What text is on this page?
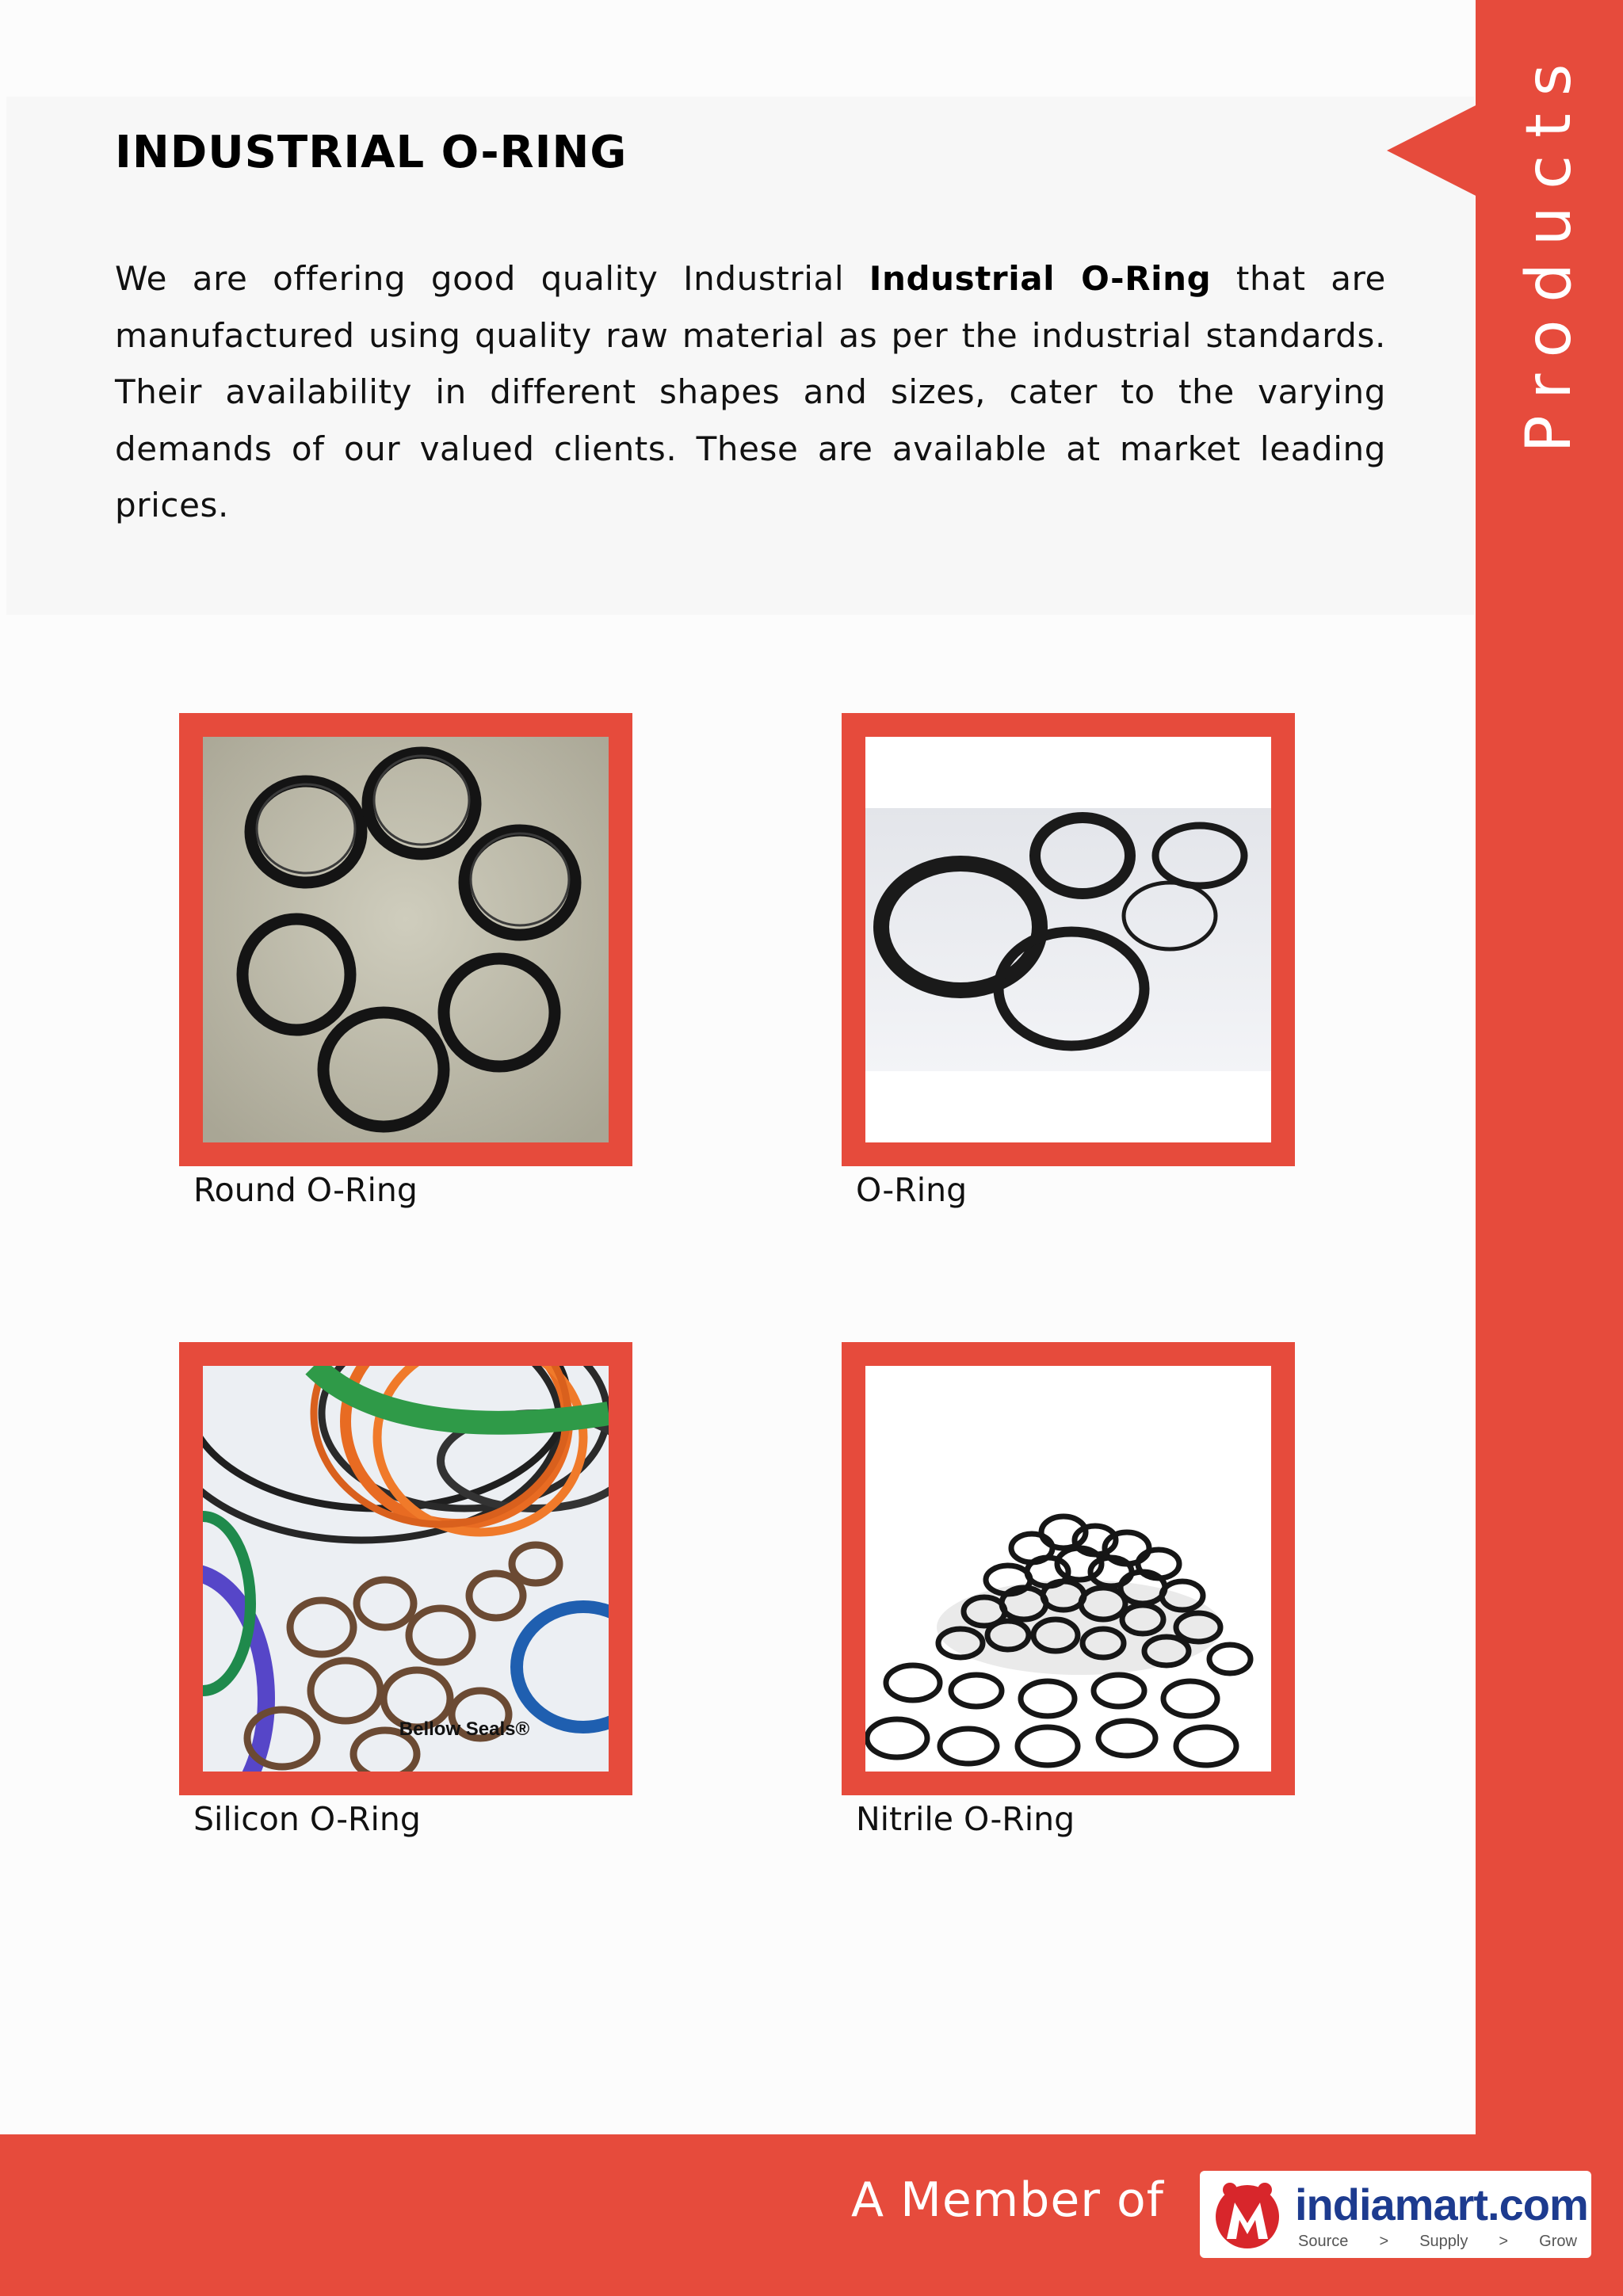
INDUSTRIAL O-RING

We are offering good quality Industrial Industrial O-Ring that are manufactured using quality raw material as per the industrial standards. Their availability in different shapes and sizes, cater to the varying demands of our valued clients. These are available at market leading prices.

Products
Round O-Ring	O-Ring
Bellow Seals®
Silicon O-Ring	Nitrile O-Ring
A Member of	indiamart.com
Source > Supply > Grow
